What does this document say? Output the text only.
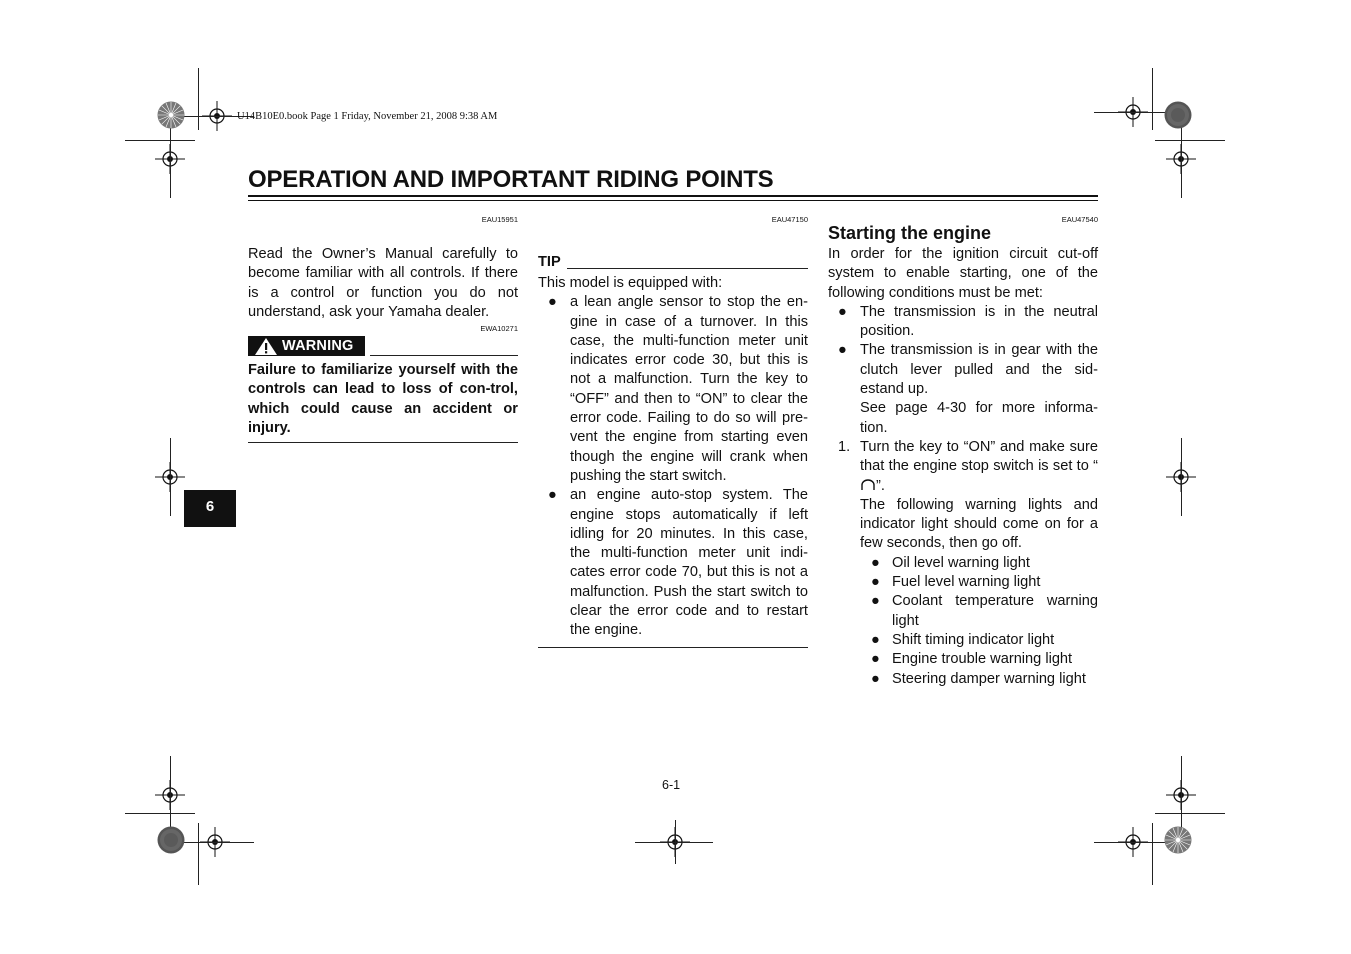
U14B10E0.book Page 1 Friday, November 21, 2008 9:38 AM
OPERATION AND IMPORTANT RIDING POINTS
EAU15951

Read the Owner’s Manual carefully to become familiar with all controls. If there is a control or function you do not understand, ask your Yamaha dealer.

EWA10271
WARNING

Failure to familiarize yourself with the controls can lead to loss of con-trol, which could cause an accident or injury.

6
EAU47150
TIP

This model is equipped with:

● a lean angle sensor to stop the en-gine in case of a turnover. In this case, the multi-function meter unit indicates error code 30, but this is not a malfunction. Turn the key to “OFF” and then to “ON” to clear the error code. Failing to do so will pre-vent the engine from starting even though the engine will crank when pushing the start switch.
● an engine auto-stop system. The engine stops automatically if left idling for 20 minutes. In this case, the multi-function meter unit indi-cates error code 70, but this is not a malfunction. Push the start switch to clear the error code and to restart the engine.
EAU47540
Starting the engine

In order for the ignition circuit cut-off system to enable starting, one of the following conditions must be met:

● The transmission is in the neutral position.
● The transmission is in gear with the clutch lever pulled and the sid-estand up.

See page 4-30 for more informa-tion.

1. Turn the key to “ON” and make sure that the engine stop switch is set to “”.

The following warning lights and indicator light should come on for a few seconds, then go off.

● Oil level warning light
● Fuel level warning light
● Coolant temperature warning light
● Shift timing indicator light
● Engine trouble warning light
● Steering damper warning light
6-1
